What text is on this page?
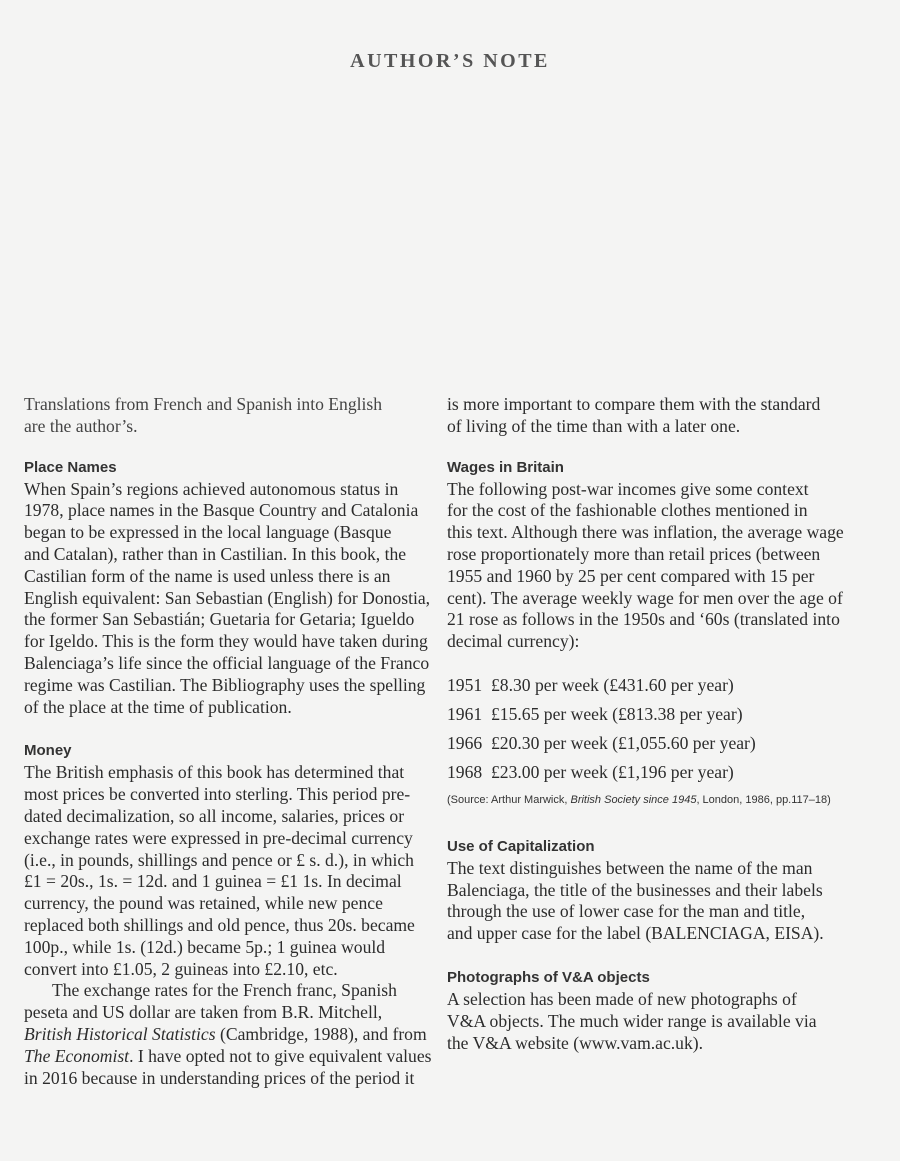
AUTHOR’S NOTE
Translations from French and Spanish into English
are the author’s.
Place Names
When Spain’s regions achieved autonomous status in
1978, place names in the Basque Country and Catalonia
began to be expressed in the local language (Basque
and Catalan), rather than in Castilian. In this book, the
Castilian form of the name is used unless there is an
English equivalent: San Sebastian (English) for Donostia,
the former San Sebastián; Guetaria for Getaria; Igueldo
for Igeldo. This is the form they would have taken during
Balenciaga’s life since the official language of the Franco
regime was Castilian. The Bibliography uses the spelling
of the place at the time of publication.
Money
The British emphasis of this book has determined that
most prices be converted into sterling. This period pre-
dated decimalization, so all income, salaries, prices or
exchange rates were expressed in pre-decimal currency
(i.e., in pounds, shillings and pence or £ s. d.), in which
£1 = 20s., 1s. = 12d. and 1 guinea = £1 1s. In decimal
currency, the pound was retained, while new pence
replaced both shillings and old pence, thus 20s. became
100p., while 1s. (12d.) became 5p.; 1 guinea would
convert into £1.05, 2 guineas into £2.10, etc.
The exchange rates for the French franc, Spanish
peseta and US dollar are taken from B.R. Mitchell,
British Historical Statistics (Cambridge, 1988), and from
The Economist. I have opted not to give equivalent values
in 2016 because in understanding prices of the period it
is more important to compare them with the standard
of living of the time than with a later one.
Wages in Britain
The following post-war incomes give some context
for the cost of the fashionable clothes mentioned in
this text. Although there was inflation, the average wage
rose proportionately more than retail prices (between
1955 and 1960 by 25 per cent compared with 15 per
cent). The average weekly wage for men over the age of
21 rose as follows in the 1950s and ‘60s (translated into
decimal currency):
1951  £8.30 per week (£431.60 per year)
1961  £15.65 per week (£813.38 per year)
1966  £20.30 per week (£1,055.60 per year)
1968  £23.00 per week (£1,196 per year)
(Source: Arthur Marwick, British Society since 1945, London, 1986, pp.117–18)
Use of Capitalization
The text distinguishes between the name of the man
Balenciaga, the title of the businesses and their labels
through the use of lower case for the man and title,
and upper case for the label (BALENCIAGA, EISA).
Photographs of V&A objects
A selection has been made of new photographs of
V&A objects. The much wider range is available via
the V&A website (www.vam.ac.uk).
